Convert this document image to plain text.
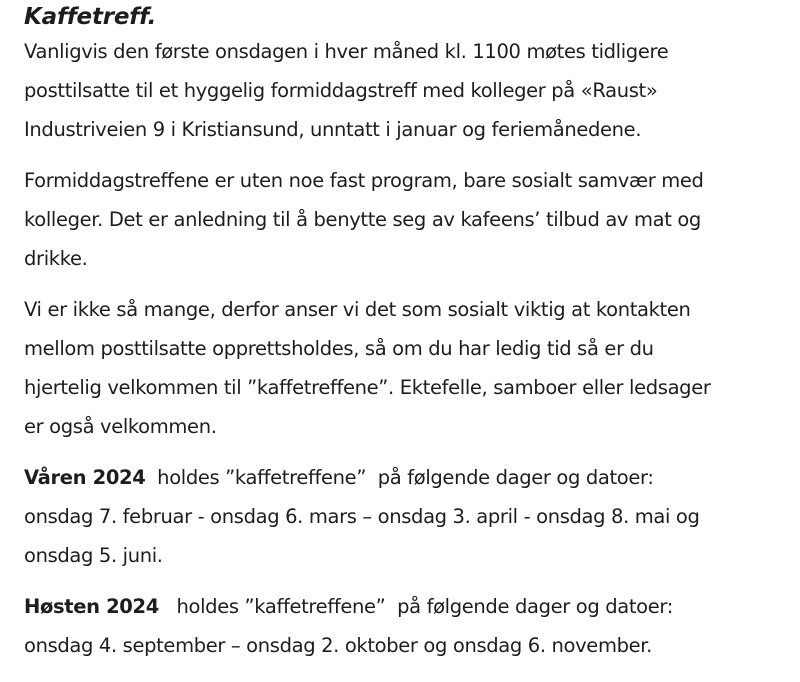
Kaffetreff.

Vanligvis den første onsdagen i hver måned kl. 1100 møtes tidligere
posttilsatte til et hyggelig formiddagstreff med kolleger på «Raust»
Industriveien 9 i Kristiansund, unntatt i januar og feriemånedene.

Formiddagstreffene er uten noe fast program, bare sosialt samvær med
kolleger. Det er anledning til å benytte seg av kafeens’ tilbud av mat og
drikke.

Vi er ikke så mange, derfor anser vi det som sosialt viktig at kontakten
mellom posttilsatte opprettsholdes, så om du har ledig tid så er du
hjertelig velkommen til ”kaffetreffene”. Ektefelle, samboer eller ledsager
er også velkommen.

Våren 2024  holdes ”kaffetreffene”  på følgende dager og datoer:
onsdag 7. februar - onsdag 6. mars – onsdag 3. april - onsdag 8. mai og
onsdag 5. juni.

Høsten 2024   holdes ”kaffetreffene”  på følgende dager og datoer:
onsdag 4. september – onsdag 2. oktober og onsdag 6. november.
